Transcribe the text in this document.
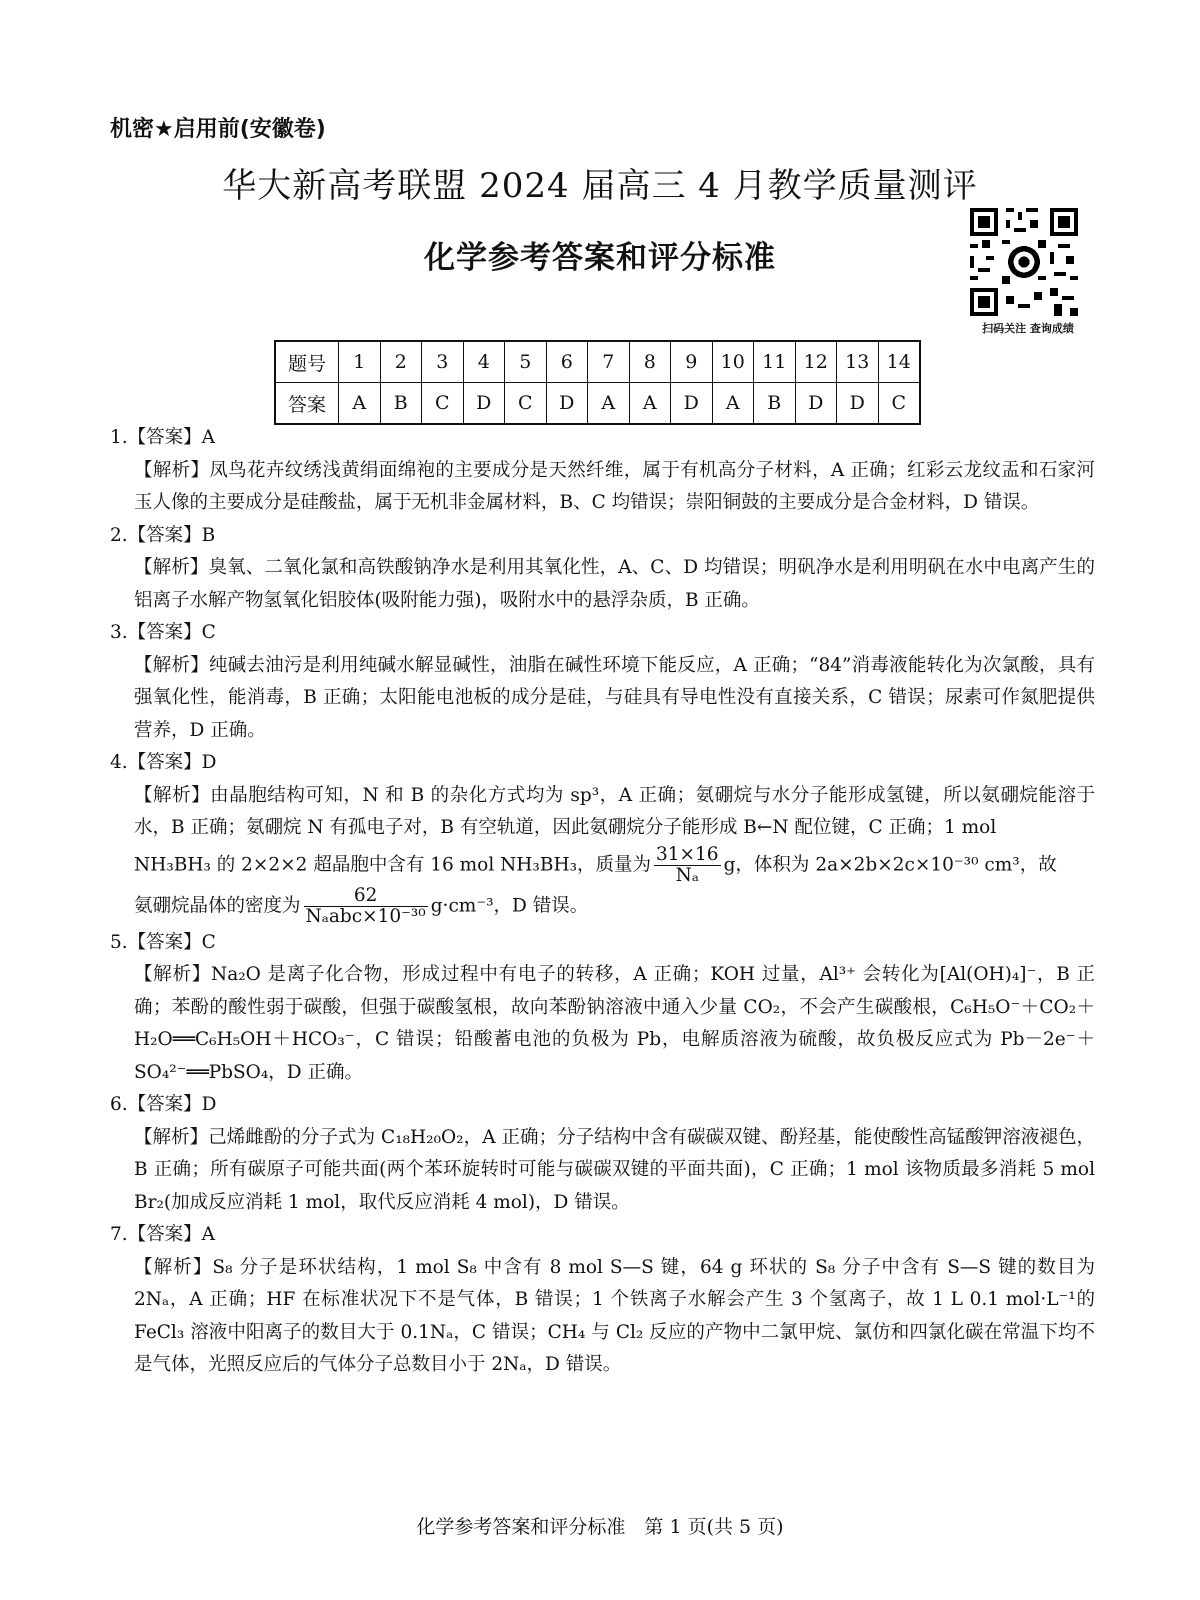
机密★启用前(安徽卷)
华大新高考联盟 2024 届高三 4 月教学质量测评
化学参考答案和评分标准
扫码关注 查询成绩
题号	1	2	3	4	5	6	7	8	9	10	11	12	13	14
答案	A	B	C	D	C	D	A	A	D	A	B	D	D	C
1.【答案】A
【解析】凤鸟花卉纹绣浅黄绢面绵袍的主要成分是天然纤维，属于有机高分子材料，A 正确；红彩云龙纹盂和石家河玉人像的主要成分是硅酸盐，属于无机非金属材料，B、C 均错误；崇阳铜鼓的主要成分是合金材料，D 错误。
2.【答案】B
【解析】臭氧、二氧化氯和高铁酸钠净水是利用其氧化性，A、C、D 均错误；明矾净水是利用明矾在水中电离产生的铝离子水解产物氢氧化铝胶体(吸附能力强)，吸附水中的悬浮杂质，B 正确。
3.【答案】C
【解析】纯碱去油污是利用纯碱水解显碱性，油脂在碱性环境下能反应，A 正确；“84”消毒液能转化为次氯酸，具有强氧化性，能消毒，B 正确；太阳能电池板的成分是硅，与硅具有导电性没有直接关系，C 错误；尿素可作氮肥提供营养，D 正确。
4.【答案】D
【解析】由晶胞结构可知，N 和 B 的杂化方式均为 sp³，A 正确；氨硼烷与水分子能形成氢键，所以氨硼烷能溶于水，B 正确；氨硼烷 N 有孤电子对，B 有空轨道，因此氨硼烷分子能形成 B←N 配位键，C 正确；1 mol
NH₃BH₃ 的 2×2×2 超晶胞中含有 16 mol NH₃BH₃，质量为 $\frac{31\times 16}{\text{Nₐ}}$ g，体积为 2a×2b×2c×10⁻³⁰ cm³，故
氨硼烷晶体的密度为 $\frac{62}{\text{Nₐabc×10⁻³⁰}} g\cdot cm^{-3}$，D 错误。
5.【答案】C
【解析】Na₂O 是离子化合物，形成过程中有电子的转移，A 正确；KOH 过量，Al³⁺ 会转化为[Al(OH)₄]⁻，B 正确；苯酚的酸性弱于碳酸，但强于碳酸氢根，故向苯酚钠溶液中通入少量 CO₂，不会产生碳酸根，C₆H₅O⁻＋CO₂＋H₂O══C₆H₅OH＋HCO₃⁻，C 错误；铅酸蓄电池的负极为 Pb，电解质溶液为硫酸，故负极反应式为 Pb－2e⁻＋SO₄²⁻══PbSO₄，D 正确。
6.【答案】D
【解析】己烯雌酚的分子式为 C₁₈H₂₀O₂，A 正确；分子结构中含有碳碳双键、酚羟基，能使酸性高锰酸钾溶液褪色，B 正确；所有碳原子可能共面(两个苯环旋转时可能与碳碳双键的平面共面)，C 正确；1 mol 该物质最多消耗 5 mol Br₂(加成反应消耗 1 mol，取代反应消耗 4 mol)，D 错误。
7.【答案】A
【解析】S₈ 分子是环状结构，1 mol S₈ 中含有 8 mol S—S 键，64 g 环状的 S₈ 分子中含有 S—S 键的数目为 2Nₐ，A 正确；HF 在标准状况下不是气体，B 错误；1 个铁离子水解会产生 3 个氢离子，故 1 L 0.1 mol·L⁻¹的 FeCl₃ 溶液中阳离子的数目大于 0.1Nₐ，C 错误；CH₄ 与 Cl₂ 反应的产物中二氯甲烷、氯仿和四氯化碳在常温下均不是气体，光照反应后的气体分子总数目小于 2Nₐ，D 错误。
化学参考答案和评分标准　第 1 页(共 5 页)
